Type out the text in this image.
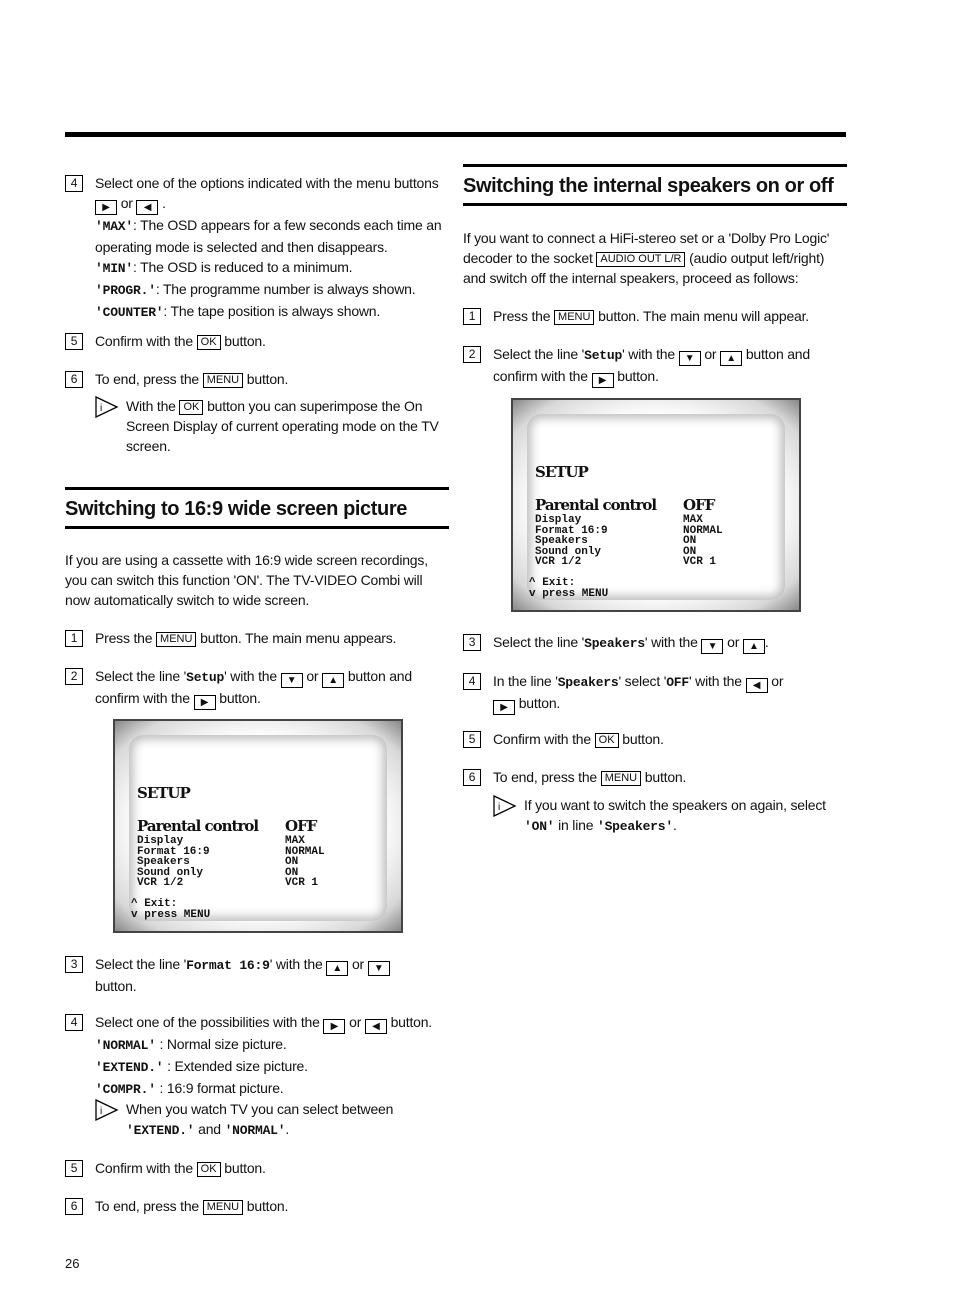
4	Select one of the options indicated with the menu buttons
▶ or ◀ .
'MAX': The OSD appears for a few seconds each time an operating mode is selected and then disappears.
'MIN': The OSD is reduced to a minimum.
'PROGR.': The programme number is always shown.
'COUNTER': The tape position is always shown.
5	Confirm with the OK button.
6	To end, press the MENU button.
i With the OK button you can superimpose the On Screen Display of current operating mode on the TV screen.
Switching to 16:9 wide screen picture
If you are using a cassette with 16:9 wide screen recordings, you can switch this function 'ON'. The TV-VIDEO Combi will now automatically switch to wide screen.
1	Press the MENU button. The main menu appears.
2	Select the line 'Setup' with the ▼ or ▲ button and confirm with the ▶ button.
SETUP
Parental control OFF
Display	MAX
Format 16:9	NORMAL
Speakers	ON
Sound only	ON
VCR 1/2	VCR 1
^ Exit:
v press MENU
3	Select the line 'Format 16:9' with the ▲ or ▼
button.
4	Select one of the possibilities with the ▶ or ◀ button.
'NORMAL' : Normal size picture.
'EXTEND.' : Extended size picture.
'COMPR.' : 16:9 format picture.
i When you watch TV you can select between
'EXTEND.' and 'NORMAL'.
5	Confirm with the OK button.
6	To end, press the MENU button.
Switching the internal speakers on or off
If you want to connect a HiFi-stereo set or a 'Dolby Pro Logic' decoder to the socket AUDIO OUT L/R (audio output left/right) and switch off the internal speakers, proceed as follows:
1	Press the MENU button. The main menu will appear.
2	Select the line 'Setup' with the ▼ or ▲ button and confirm with the ▶ button.
SETUP
Parental control OFF
Display	MAX
Format 16:9	NORMAL
Speakers	ON
Sound only	ON
VCR 1/2	VCR 1
^ Exit:
v press MENU
3	Select the line 'Speakers' with the ▼ or ▲ .
4	In the line 'Speakers' select 'OFF' with the ◀ or
▶ button.
5	Confirm with the OK button.
6	To end, press the MENU button.
i If you want to switch the speakers on again, select
'ON' in line 'Speakers'.
26
